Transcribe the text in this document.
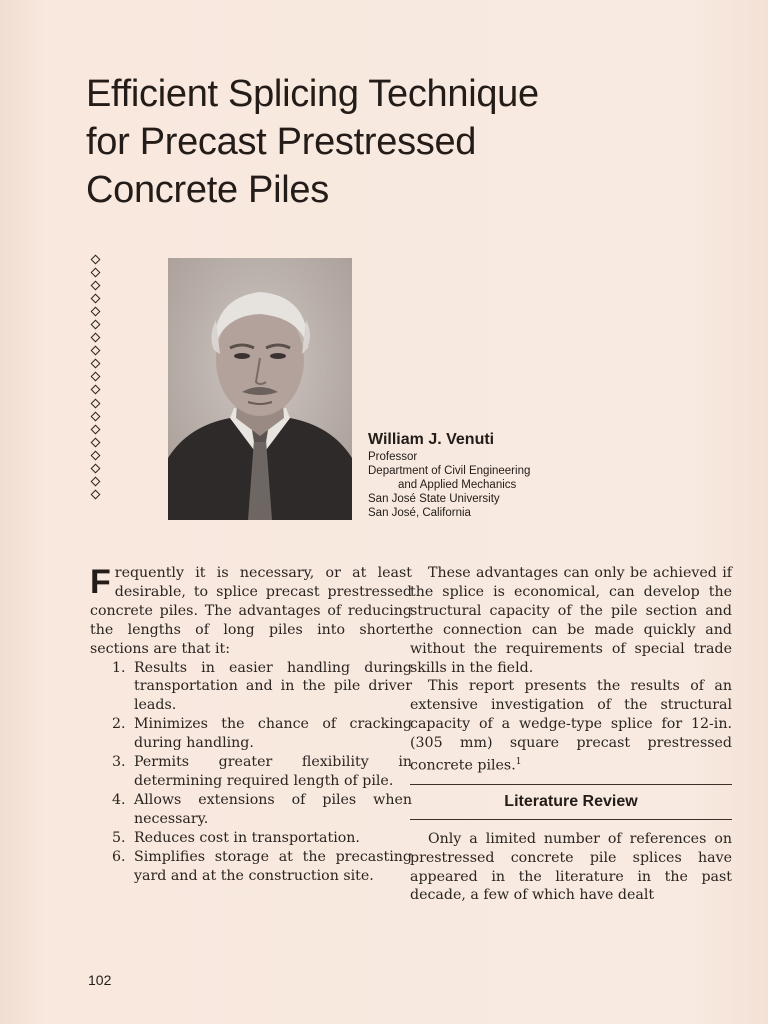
Efficient Splicing Technique
for Precast Prestressed
Concrete Piles
William J. Venuti
Professor
Department of Civil Engineering
and Applied Mechanics
San José State University
San José, California
Frequently it is necessary, or at least desirable, to splice precast prestressed concrete piles. The advantages of reducing the lengths of long piles into shorter sections are that it:
1. Results in easier handling during transportation and in the pile driver leads.
2. Minimizes the chance of cracking during handling.
3. Permits greater flexibility in determining required length of pile.
4. Allows extensions of piles when necessary.
5. Reduces cost in transportation.
6. Simplifies storage at the precasting yard and at the construction site.
These advantages can only be achieved if the splice is economical, can develop the structural capacity of the pile section and the connection can be made quickly and without the requirements of special trade skills in the field.
This report presents the results of an extensive investigation of the structural capacity of a wedge-type splice for 12-in. (305 mm) square precast prestressed concrete piles.$^1$
Literature Review
Only a limited number of references on prestressed concrete pile splices have appeared in the literature in the past decade, a few of which have dealt
102
